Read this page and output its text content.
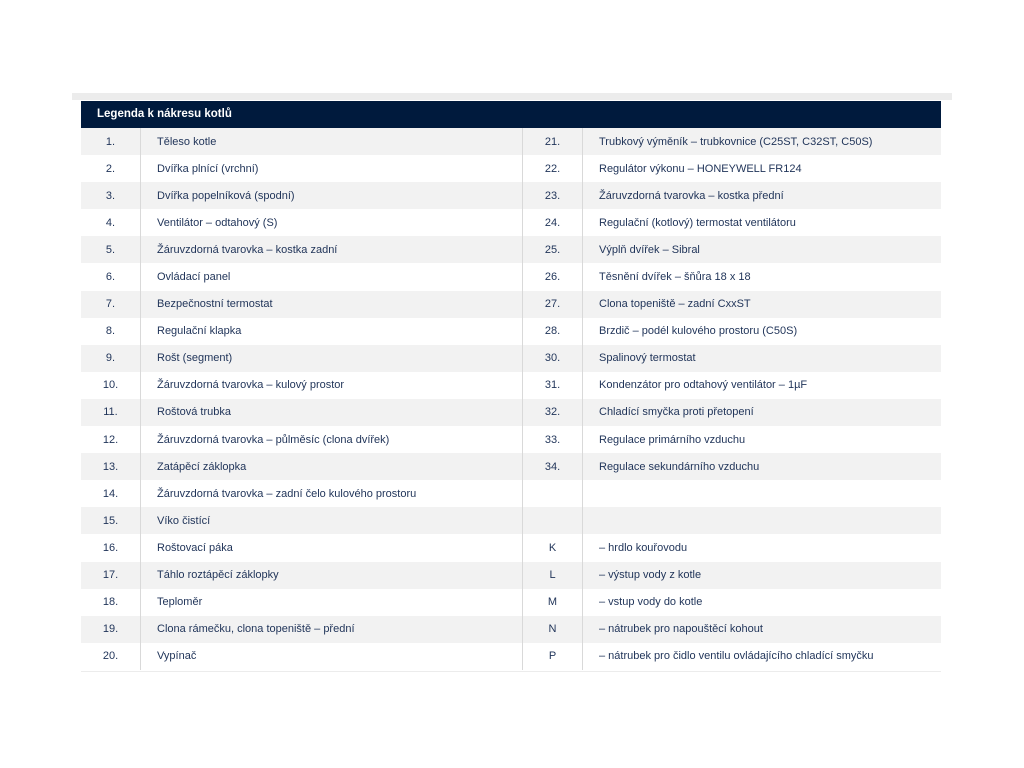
Legenda k nákresu kotlů
1.	Těleso kotle	21.	Trubkový výměník – trubkovnice (C25ST, C32ST, C50S)
2.	Dvířka plnící (vrchní)	22.	Regulátor výkonu – HONEYWELL FR124
3.	Dvířka popelníková (spodní)	23.	Žáruvzdorná tvarovka – kostka přední
4.	Ventilátor – odtahový (S)	24.	Regulační (kotlový) termostat ventilátoru
5.	Žáruvzdorná tvarovka – kostka zadní	25.	Výplň dvířek – Sibral
6.	Ovládací panel	26.	Těsnění dvířek – šňůra 18 x 18
7.	Bezpečnostní termostat	27.	Clona topeniště – zadní CxxST
8.	Regulační klapka	28.	Brzdič – podél kulového prostoru (C50S)
9.	Rošt (segment)	30.	Spalinový termostat
10.	Žáruvzdorná tvarovka – kulový prostor	31.	Kondenzátor pro odtahový ventilátor – 1µF
11.	Roštová trubka	32.	Chladící smyčka proti přetopení
12.	Žáruvzdorná tvarovka – půlměsíc (clona dvířek)	33.	Regulace primárního vzduchu
13.	Zatápěcí záklopka	34.	Regulace sekundárního vzduchu
14.	Žáruvzdorná tvarovka – zadní čelo kulového prostoru		
15.	Víko čistící		
16.	Roštovací páka	K	– hrdlo kouřovodu
17.	Táhlo roztápěcí záklopky	L	– výstup vody z kotle
18.	Teploměr	M	– vstup vody do kotle
19.	Clona rámečku, clona topeniště – přední	N	– nátrubek pro napouštěcí kohout
20.	Vypínač	P	– nátrubek pro čidlo ventilu ovládajícího chladící smyčku
